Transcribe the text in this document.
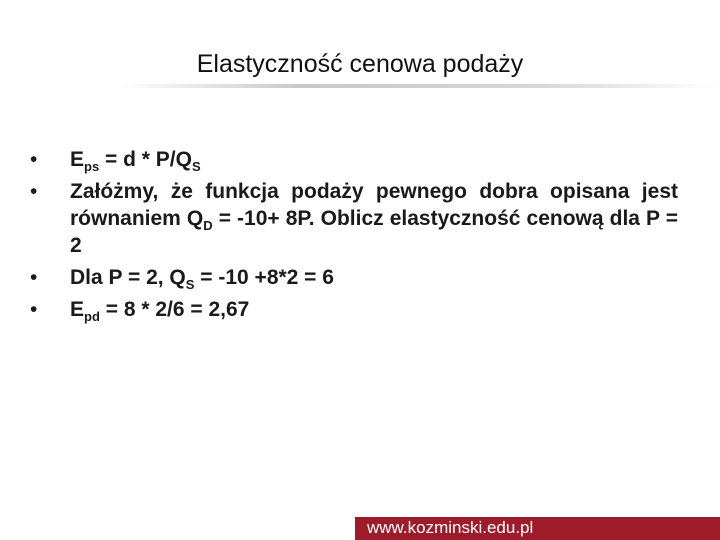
Elastyczność cenowa podaży
• $E_{ps} = d * P/Q_S$
• Załóżmy, że funkcja podaży pewnego dobra opisana jest równaniem $Q_D = -10+ 8P$. Oblicz elastyczność cenową dla P = 2
• Dla P = 2, $Q_S = -10 +8*2 = 6$
• $E_{pd} = 8 * 2/6 = 2,67$
www.kozminski.edu.pl
